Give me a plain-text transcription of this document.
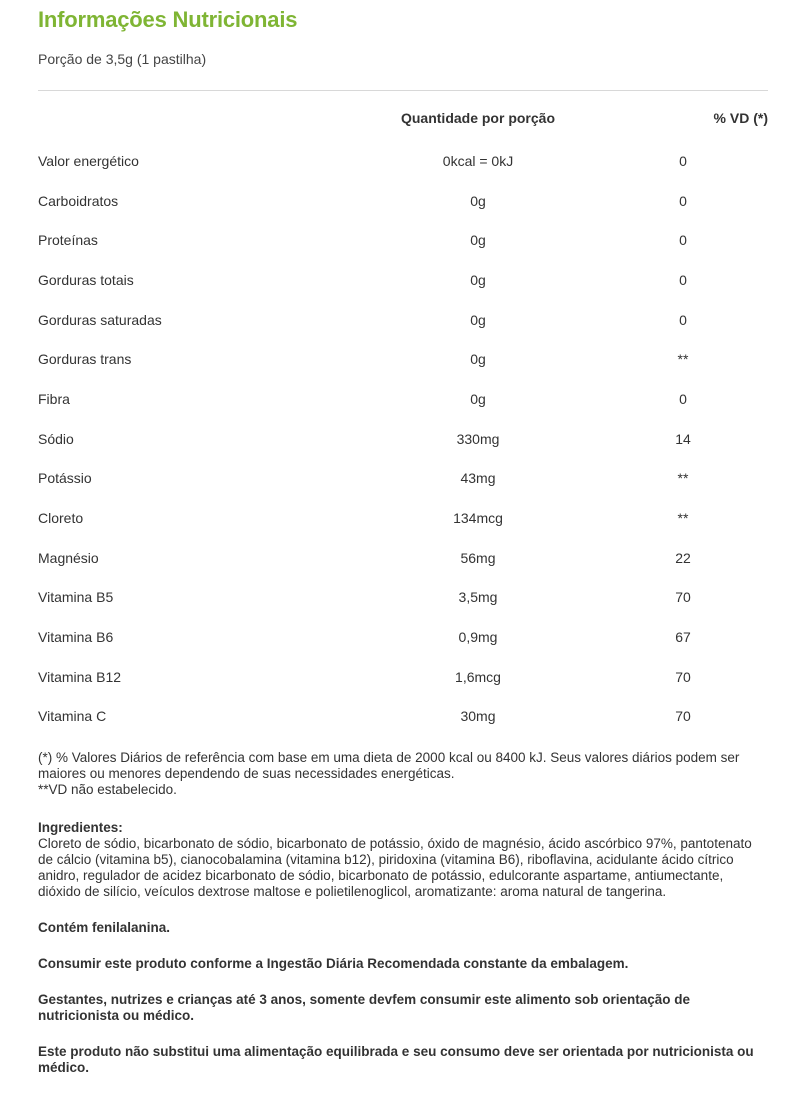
Informações Nutricionais
Porção de 3,5g (1 pastilha)
Quantidade por porção	% VD (*)
Valor energético	0kcal = 0kJ	0
Carboidratos	0g	0
Proteínas	0g	0
Gorduras totais	0g	0
Gorduras saturadas	0g	0
Gorduras trans	0g	**
Fibra	0g	0
Sódio	330mg	14
Potássio	43mg	**
Cloreto	134mcg	**
Magnésio	56mg	22
Vitamina B5	3,5mg	70
Vitamina B6	0,9mg	67
Vitamina B12	1,6mcg	70
Vitamina C	30mg	70

(*) % Valores Diários de referência com base em uma dieta de 2000 kcal ou 8400 kJ. Seus valores diários podem ser maiores ou menores dependendo de suas necessidades energéticas.

**VD não estabelecido.

Ingredientes:

Cloreto de sódio, bicarbonato de sódio, bicarbonato de potássio, óxido de magnésio, ácido ascórbico 97%, pantotenato de cálcio (vitamina b5), cianocobalamina (vitamina b12), piridoxina (vitamina B6), riboflavina, acidulante ácido cítrico anidro, regulador de acidez bicarbonato de sódio, bicarbonato de potássio, edulcorante aspartame, antiumectante, dióxido de silício, veículos dextrose maltose e polietilenoglicol, aromatizante: aroma natural de tangerina.

Contém fenilalanina.

Consumir este produto conforme a Ingestão Diária Recomendada constante da embalagem.

Gestantes, nutrizes e crianças até 3 anos, somente devfem consumir este alimento sob orientação de nutricionista ou médico.

Este produto não substitui uma alimentação equilibrada e seu consumo deve ser orientada por nutricionista ou médico.
